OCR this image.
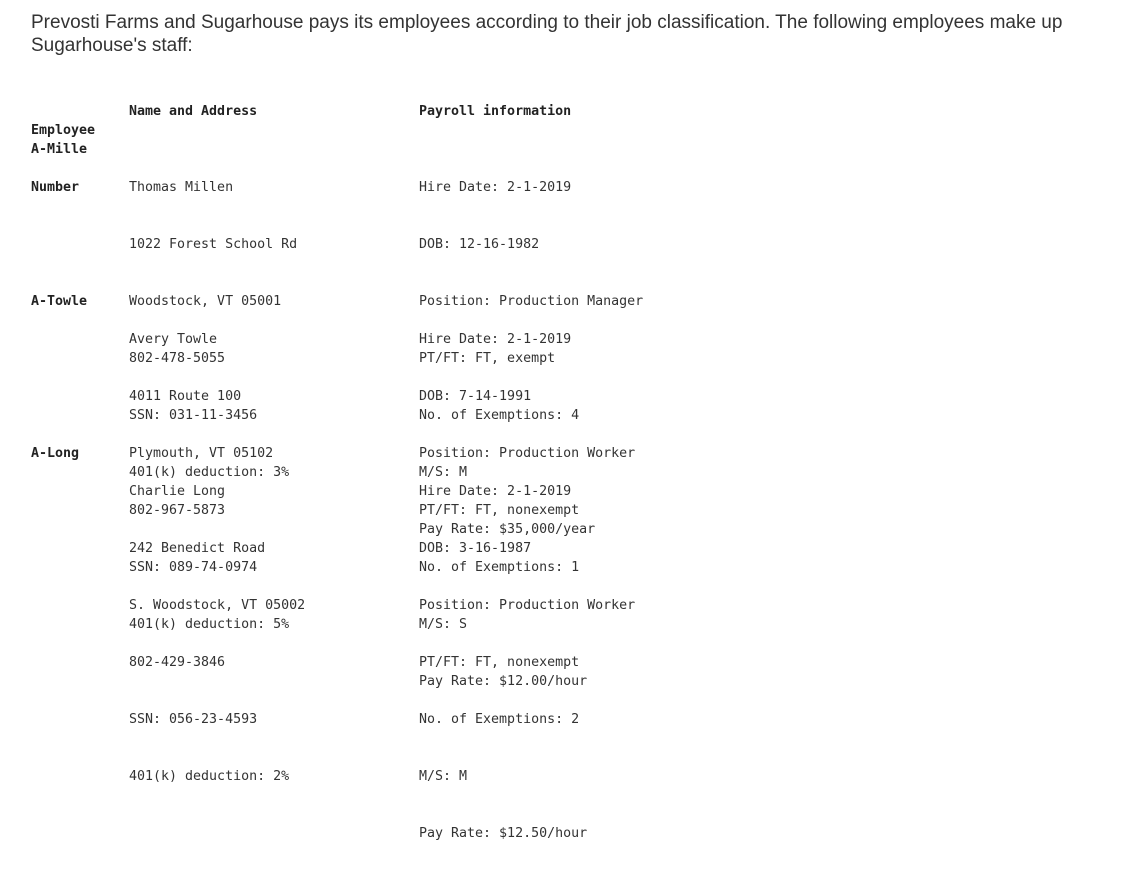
Prevosti Farms and Sugarhouse pays its employees according to their job classification. The following employees make up Sugarhouse's staff:

Employee

Number

Name and Address	Payroll information

A-Mille

Thomas Millen

1022 Forest School Rd

Woodstock, VT 05001

802-478-5055

SSN: 031-11-3456

401(k) deduction: 3%

Hire Date: 2-1-2019

DOB: 12-16-1982

Position: Production Manager

PT/FT: FT, exempt

No. of Exemptions: 4

M/S: M

Pay Rate: $35,000/year

A-Towle

Avery Towle

4011 Route 100

Plymouth, VT 05102

802-967-5873

SSN: 089-74-0974

401(k) deduction: 5%

Hire Date: 2-1-2019

DOB: 7-14-1991

Position: Production Worker

PT/FT: FT, nonexempt

No. of Exemptions: 1

M/S: S

Pay Rate: $12.00/hour

A-Long

Charlie Long

242 Benedict Road

S. Woodstock, VT 05002

802-429-3846

SSN: 056-23-4593

401(k) deduction: 2%

Hire Date: 2-1-2019

DOB: 3-16-1987

Position: Production Worker

PT/FT: FT, nonexempt

No. of Exemptions: 2

M/S: M

Pay Rate: $12.50/hour
